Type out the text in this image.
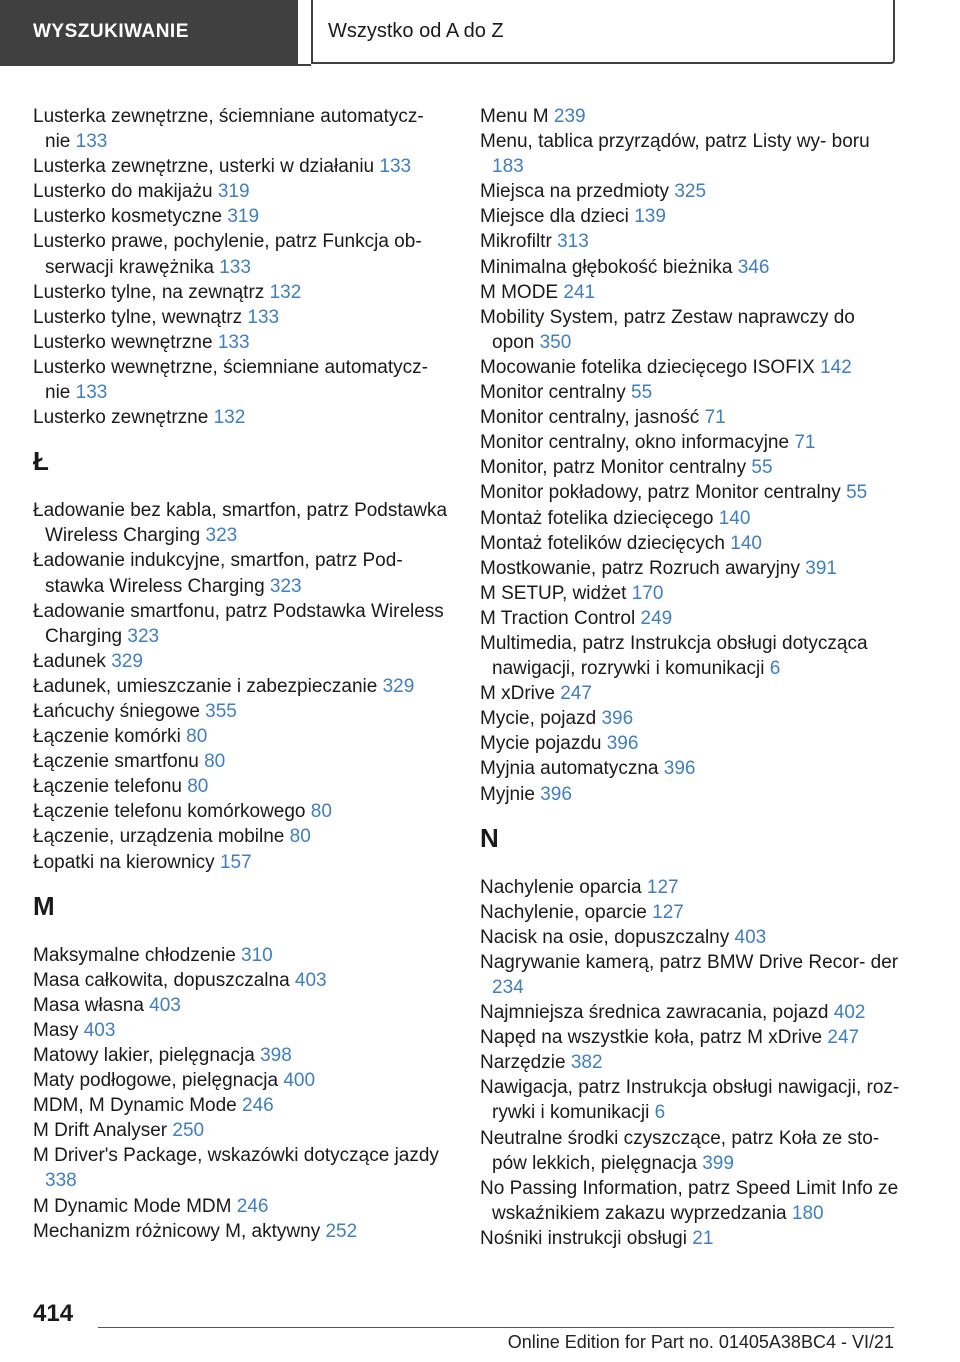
WYSZUKIWANIE	Wszystko od A do Z
Lusterka zewnętrzne, ściemniane automatycz‐ nie 133
Lusterka zewnętrzne, usterki w działaniu 133
Lusterko do makijażu 319
Lusterko kosmetyczne 319
Lusterko prawe, pochylenie, patrz Funkcja ob‐ serwacji krawężnika 133
Lusterko tylne, na zewnątrz 132
Lusterko tylne, wewnątrz 133
Lusterko wewnętrzne 133
Lusterko wewnętrzne, ściemniane automatycz‐ nie 133
Lusterko zewnętrzne 132
Ł
Ładowanie bez kabla, smartfon, patrz Podstawka Wireless Charging 323
Ładowanie indukcyjne, smartfon, patrz Pod‐ stawka Wireless Charging 323
Ładowanie smartfonu, patrz Podstawka Wireless Charging 323
Ładunek 329
Ładunek, umieszczanie i zabezpieczanie 329
Łańcuchy śniegowe 355
Łączenie komórki 80
Łączenie smartfonu 80
Łączenie telefonu 80
Łączenie telefonu komórkowego 80
Łączenie, urządzenia mobilne 80
Łopatki na kierownicy 157
M
Maksymalne chłodzenie 310
Masa całkowita, dopuszczalna 403
Masa własna 403
Masy 403
Matowy lakier, pielęgnacja 398
Maty podłogowe, pielęgnacja 400
MDM, M Dynamic Mode 246
M Drift Analyser 250
M Driver's Package, wskazówki dotyczące jazdy 338
M Dynamic Mode MDM 246
Mechanizm różnicowy M, aktywny 252
Menu M 239
Menu, tablica przyrządów, patrz Listy wy‐ boru 183
Miejsca na przedmioty 325
Miejsce dla dzieci 139
Mikrofiltr 313
Minimalna głębokość bieżnika 346
M MODE 241
Mobility System, patrz Zestaw naprawczy do opon 350
Mocowanie fotelika dziecięcego ISOFIX 142
Monitor centralny 55
Monitor centralny, jasność 71
Monitor centralny, okno informacyjne 71
Monitor, patrz Monitor centralny 55
Monitor pokładowy, patrz Monitor centralny 55
Montaż fotelika dziecięcego 140
Montaż fotelików dziecięcych 140
Mostkowanie, patrz Rozruch awaryjny 391
M SETUP, widżet 170
M Traction Control 249
Multimedia, patrz Instrukcja obsługi dotycząca nawigacji, rozrywki i komunikacji 6
M xDrive 247
Mycie, pojazd 396
Mycie pojazdu 396
Myjnia automatyczna 396
Myjnie 396
N
Nachylenie oparcia 127
Nachylenie, oparcie 127
Nacisk na osie, dopuszczalny 403
Nagrywanie kamerą, patrz BMW Drive Recor‐ der 234
Najmniejsza średnica zawracania, pojazd 402
Napęd na wszystkie koła, patrz M xDrive 247
Narzędzie 382
Nawigacja, patrz Instrukcja obsługi nawigacji, roz‐ rywki i komunikacji 6
Neutralne środki czyszczące, patrz Koła ze sto‐ pów lekkich, pielęgnacja 399
No Passing Information, patrz Speed Limit Info ze wskaźnikiem zakazu wyprzedzania 180
Nośniki instrukcji obsługi 21
414
Online Edition for Part no. 01405A38BC4 - VI/21
